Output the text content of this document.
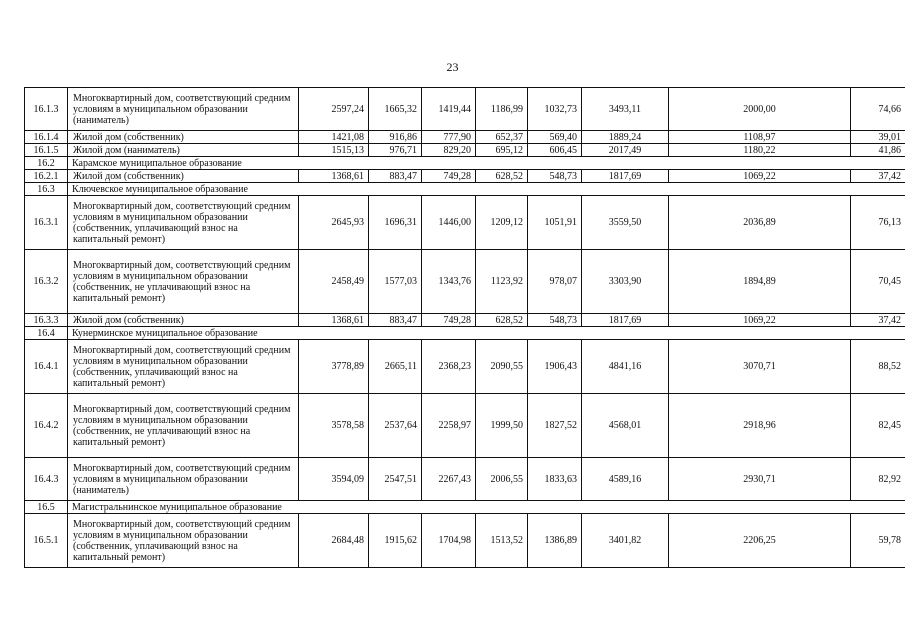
23
16.1.3	Многоквартирный дом, соответствующий средним условиям в муниципальном образовании (наниматель)	2597,24	1665,32	1419,44	1186,99	1032,73	3493,11	2000,00	74,66
16.1.4	Жилой дом (собственник)	1421,08	916,86	777,90	652,37	569,40	1889,24	1108,97	39,01
16.1.5	Жилой дом (наниматель)	1515,13	976,71	829,20	695,12	606,45	2017,49	1180,22	41,86
16.2	Карамское муниципальное образование								
16.2.1	Жилой дом (собственник)	1368,61	883,47	749,28	628,52	548,73	1817,69	1069,22	37,42
16.3	Ключевское муниципальное образование								
16.3.1	Многоквартирный дом, соответствующий средним условиям в муниципальном образовании (собственник, уплачивающий взнос на капитальный ремонт)	2645,93	1696,31	1446,00	1209,12	1051,91	3559,50	2036,89	76,13
16.3.2	Многоквартирный дом, соответствующий средним условиям в муниципальном образовании (собственник, не уплачивающий взнос на капитальный ремонт)	2458,49	1577,03	1343,76	1123,92	978,07	3303,90	1894,89	70,45
16.3.3	Жилой дом (собственник)	1368,61	883,47	749,28	628,52	548,73	1817,69	1069,22	37,42
16.4	Кунерминское муниципальное образование								
16.4.1	Многоквартирный дом, соответствующий средним условиям в муниципальном образовании (собственник, уплачивающий взнос на капитальный ремонт)	3778,89	2665,11	2368,23	2090,55	1906,43	4841,16	3070,71	88,52
16.4.2	Многоквартирный дом, соответствующий средним условиям в муниципальном образовании (собственник, не уплачивающий взнос на капитальный ремонт)	3578,58	2537,64	2258,97	1999,50	1827,52	4568,01	2918,96	82,45
16.4.3	Многоквартирный дом, соответствующий средним условиям в муниципальном образовании (наниматель)	3594,09	2547,51	2267,43	2006,55	1833,63	4589,16	2930,71	82,92
16.5	Магистральнинское муниципальное образование								
16.5.1	Многоквартирный дом, соответствующий средним условиям в муниципальном образовании (собственник, уплачивающий взнос на капитальный ремонт)	2684,48	1915,62	1704,98	1513,52	1386,89	3401,82	2206,25	59,78
